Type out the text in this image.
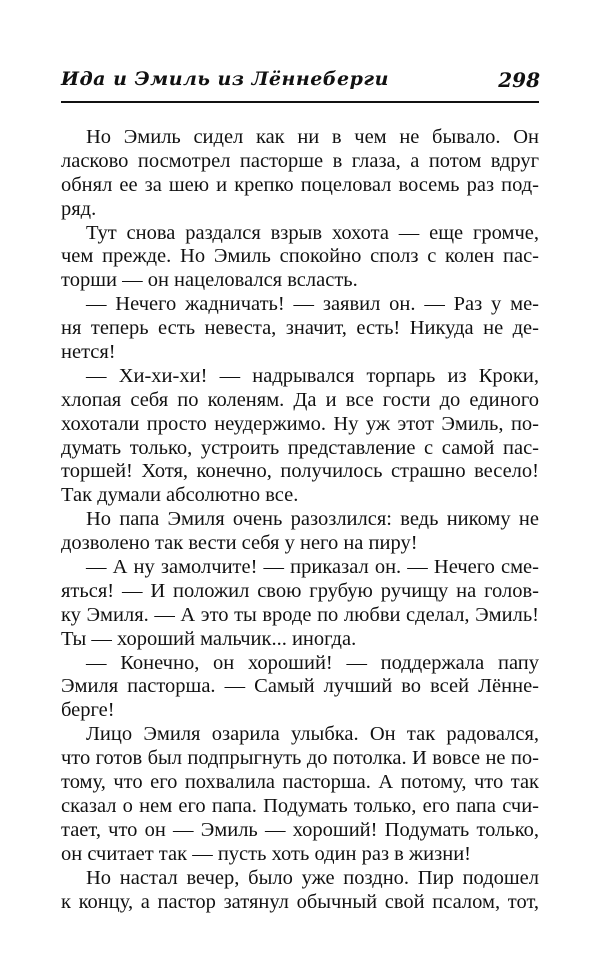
Ида и Эмиль из Лённеберги	298
Но Эмиль сидел как ни в чем не бывало. Он
ласково посмотрел пасторше в глаза, а потом вдруг
обнял ее за шею и крепко поцеловал восемь раз под-
ряд.
Тут снова раздался взрыв хохота — еще громче,
чем прежде. Но Эмиль спокойно сполз с колен пас-
торши — он нацеловался всласть.
— Нечего жадничать! — заявил он. — Раз у ме-
ня теперь есть невеста, значит, есть! Никуда не де-
нется!
— Хи-хи-хи! — надрывался торпарь из Кроки,
хлопая себя по коленям. Да и все гости до единого
хохотали просто неудержимо. Ну уж этот Эмиль, по-
думать только, устроить представление с самой пас-
торшей! Хотя, конечно, получилось страшно весело!
Так думали абсолютно все.
Но папа Эмиля очень разозлился: ведь никому не
дозволено так вести себя у него на пиру!
— А ну замолчите! — приказал он. — Нечего сме-
яться! — И положил свою грубую ручищу на голов-
ку Эмиля. — А это ты вроде по любви сделал, Эмиль!
Ты — хороший мальчик... иногда.
— Конечно, он хороший! — поддержала папу
Эмиля пасторша. — Самый лучший во всей Лённе-
берге!
Лицо Эмиля озарила улыбка. Он так радовался,
что готов был подпрыгнуть до потолка. И вовсе не по-
тому, что его похвалила пасторша. А потому, что так
сказал о нем его папа. Подумать только, его папа счи-
тает, что он — Эмиль — хороший! Подумать только,
он считает так — пусть хоть один раз в жизни!
Но настал вечер, было уже поздно. Пир подошел
к концу, а пастор затянул обычный свой псалом, тот,
